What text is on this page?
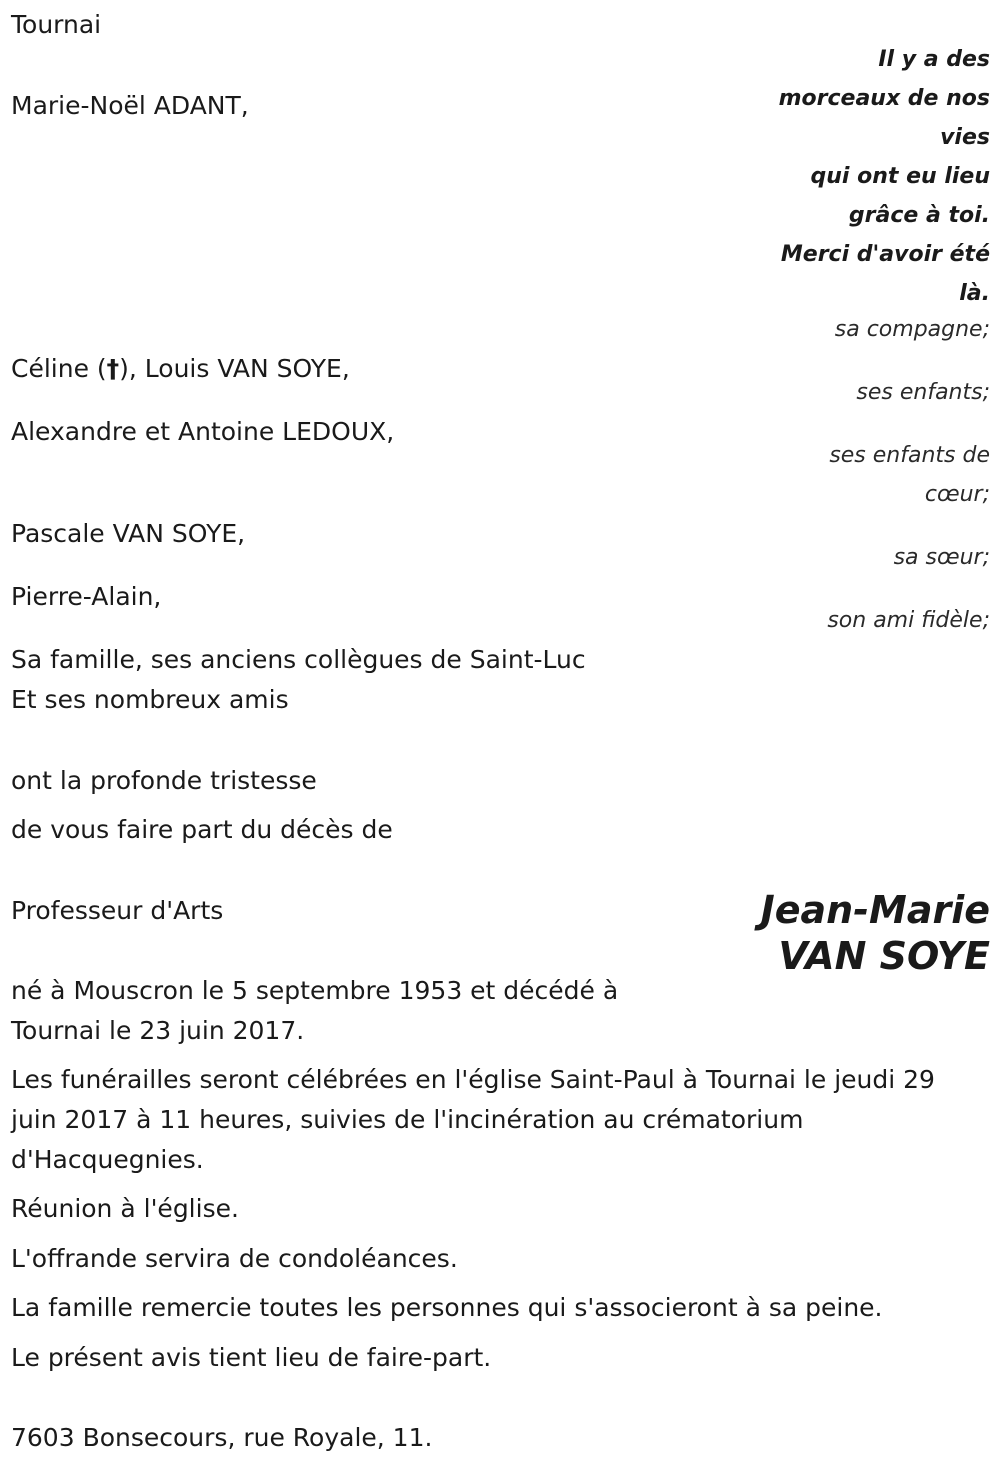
Tournai

Il y a des
morceaux de nos
vies
qui ont eu lieu
grâce à toi.
Merci d'avoir été
là.

Marie-Noël ADANT,

sa compagne;

Céline (†), Louis VAN SOYE,

ses enfants;

Alexandre et Antoine LEDOUX,

ses enfants de

cœur;

Pascale VAN SOYE,

sa sœur;

Pierre-Alain,

son ami fidèle;

Sa famille, ses anciens collègues de Saint-Luc

Et ses nombreux amis

ont la profonde tristesse

de vous faire part du décès de

Professeur d'Arts	Jean-Marie
VAN SOYE

né à Mouscron le 5 septembre 1953 et décédé à

Tournai le 23 juin 2017.

Les funérailles seront célébrées en l'église Saint-Paul à Tournai le jeudi 29

juin 2017 à 11 heures, suivies de l'incinération au crématorium

d'Hacquegnies.

Réunion à l'église.

L'offrande servira de condoléances.

La famille remercie toutes les personnes qui s'associeront à sa peine.

Le présent avis tient lieu de faire-part.

7603 Bonsecours, rue Royale, 11.
